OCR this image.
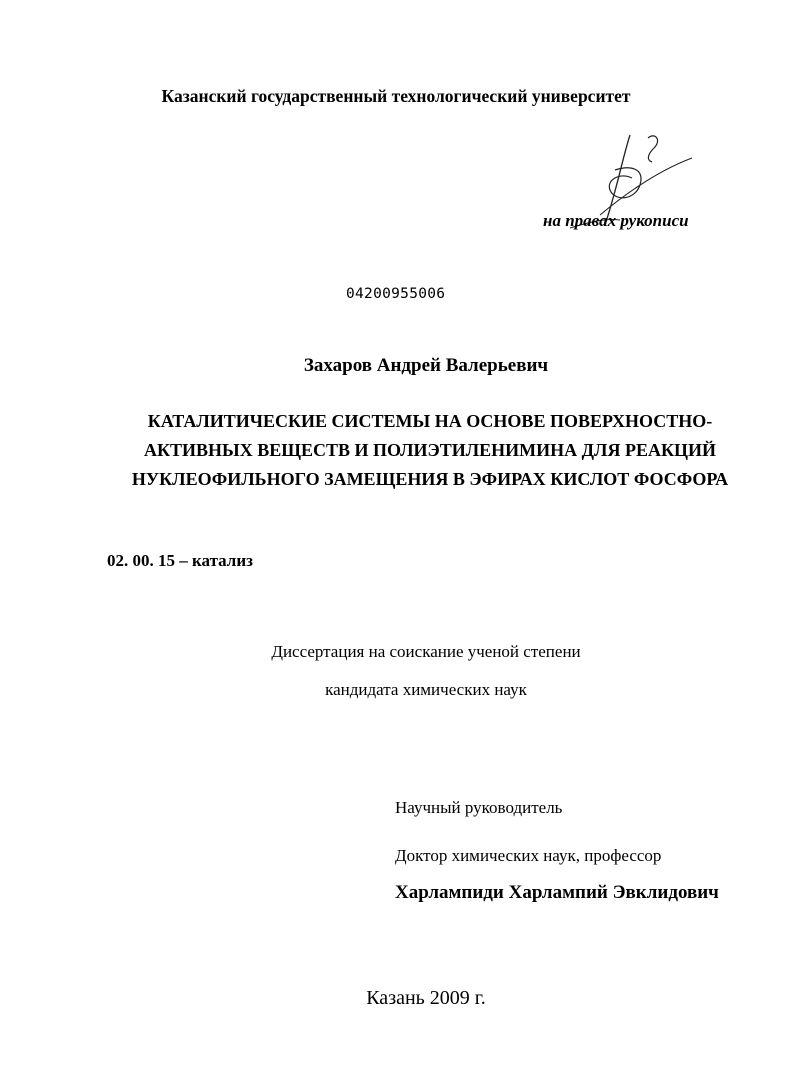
Казанский государственный технологический университет
на правах рукописи
04200955006
Захаров Андрей Валерьевич
КАТАЛИТИЧЕСКИЕ СИСТЕМЫ НА ОСНОВЕ ПОВЕРХНОСТНО-
АКТИВНЫХ ВЕЩЕСТВ И ПОЛИЭТИЛЕНИМИНА ДЛЯ РЕАКЦИЙ
НУКЛЕОФИЛЬНОГО ЗАМЕЩЕНИЯ В ЭФИРАХ КИСЛОТ ФОСФОРА
02. 00. 15 – катализ
Диссертация на соискание ученой степени
кандидата химических наук
Научный руководитель
Доктор химических наук, профессор
Харлампиди Харлампий Эвклидович
Казань 2009 г.
